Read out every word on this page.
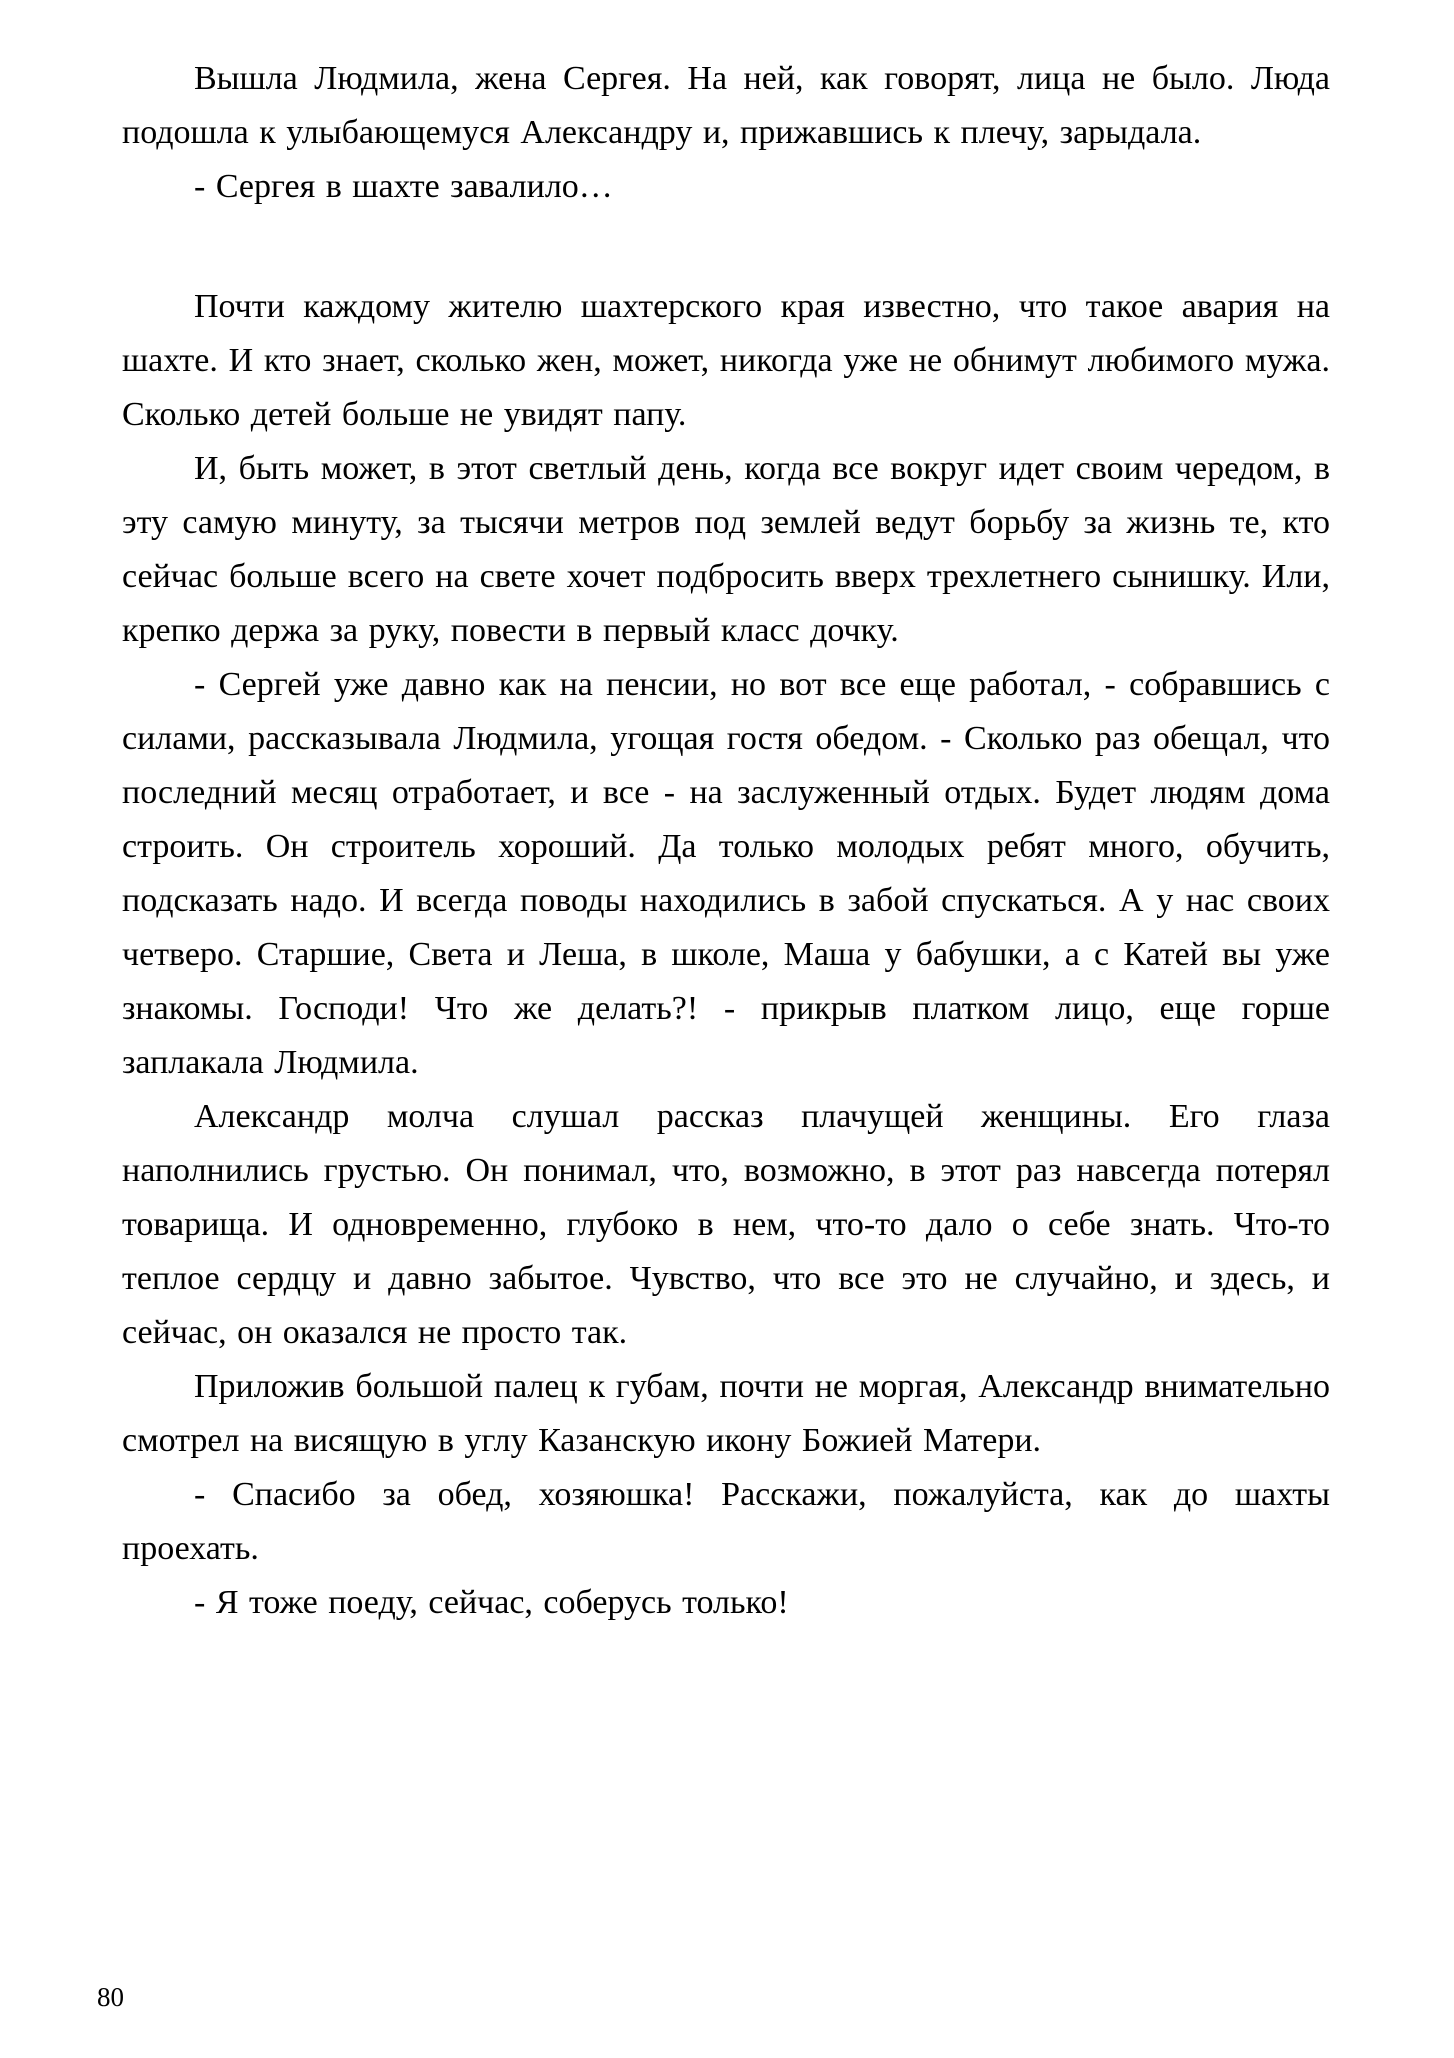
Вышла Людмила, жена Сергея. На ней, как говорят, лица не было. Люда подошла к улыбающемуся Александру и, прижавшись к плечу, зарыдала.

- Сергея в шахте завалило…

Почти каждому жителю шахтерского края известно, что такое авария на шахте. И кто знает, сколько жен, может, никогда уже не обнимут любимого мужа. Сколько детей больше не увидят папу.

И, быть может, в этот светлый день, когда все вокруг идет своим чередом, в эту самую минуту, за тысячи метров под землей ведут борьбу за жизнь те, кто сейчас больше всего на свете хочет подбросить вверх трехлетнего сынишку. Или, крепко держа за руку, повести в первый класс дочку.

- Сергей уже давно как на пенсии, но вот все еще работал, - собравшись с силами, рассказывала Людмила, угощая гостя обедом. - Сколько раз обещал, что последний месяц отработает, и все - на заслуженный отдых. Будет людям дома строить. Он строитель хороший. Да только молодых ребят много, обучить, подсказать надо. И всегда поводы находились в забой спускаться. А у нас своих четверо. Старшие, Света и Леша, в школе, Маша у бабушки, а с Катей вы уже знакомы. Господи! Что же делать?! - прикрыв платком лицо, еще горше заплакала Людмила.

Александр молча слушал рассказ плачущей женщины. Его глаза наполнились грустью. Он понимал, что, возможно, в этот раз навсегда потерял товарища. И одновременно, глубоко в нем, что-то дало о себе знать. Что-то теплое сердцу и давно забытое. Чувство, что все это не случайно, и здесь, и сейчас, он оказался не просто так.

Приложив большой палец к губам, почти не моргая, Александр внимательно смотрел на висящую в углу Казанскую икону Божией Матери.

- Спасибо за обед, хозяюшка! Расскажи, пожалуйста, как до шахты проехать.

- Я тоже поеду, сейчас, соберусь только!

80
